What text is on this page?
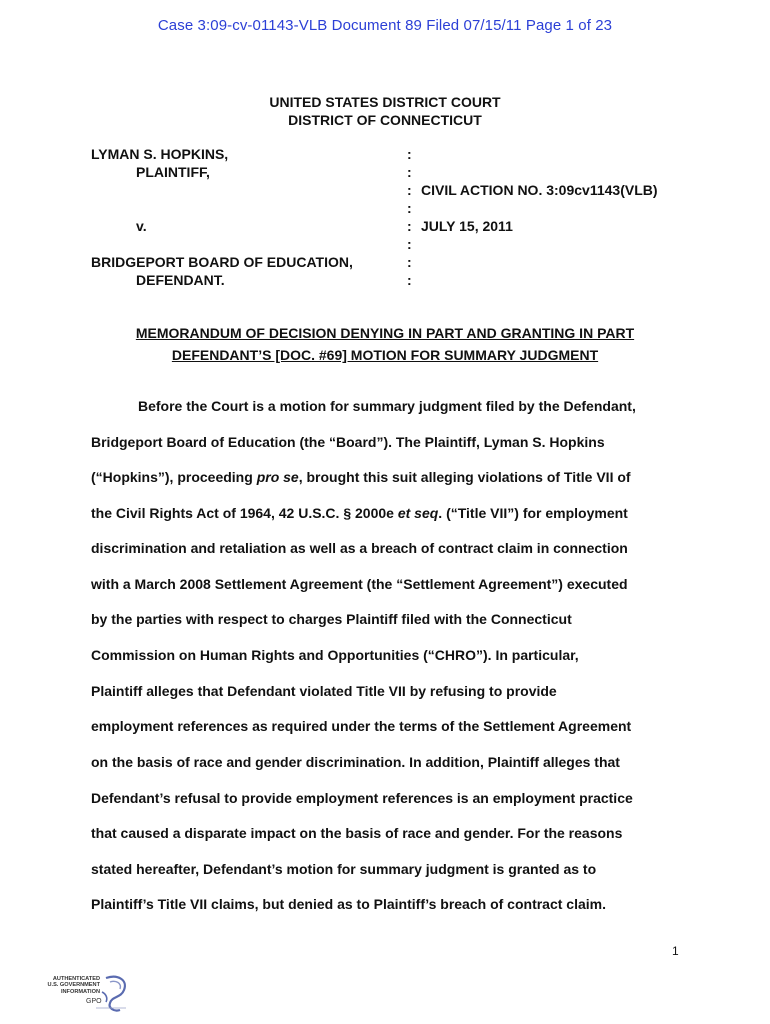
Case 3:09-cv-01143-VLB Document 89 Filed 07/15/11 Page 1 of 23
UNITED STATES DISTRICT COURT
DISTRICT OF CONNECTICUT
LYMAN S. HOPKINS,
PLAINTIFF,
v.
BRIDGEPORT BOARD OF EDUCATION,
DEFENDANT.
:
:
:
:
:
:
:
:
CIVIL ACTION NO. 3:09cv1143(VLB)
JULY 15, 2011
MEMORANDUM OF DECISION DENYING IN PART AND GRANTING IN PART
DEFENDANT’S [DOC. #69] MOTION FOR SUMMARY JUDGMENT
Before the Court is a motion for summary judgment filed by the Defendant,
Bridgeport Board of Education (the “Board”). The Plaintiff, Lyman S. Hopkins
(“Hopkins”), proceeding pro se, brought this suit alleging violations of Title VII of
the Civil Rights Act of 1964, 42 U.S.C. § 2000e et seq. (“Title VII”) for employment
discrimination and retaliation as well as a breach of contract claim in connection
with a March 2008 Settlement Agreement (the “Settlement Agreement”) executed
by the parties with respect to charges Plaintiff filed with the Connecticut
Commission on Human Rights and Opportunities (“CHRO”). In particular,
Plaintiff alleges that Defendant violated Title VII by refusing to provide
employment references as required under the terms of the Settlement Agreement
on the basis of race and gender discrimination. In addition, Plaintiff alleges that
Defendant’s refusal to provide employment references is an employment practice
that caused a disparate impact on the basis of race and gender. For the reasons
stated hereafter, Defendant’s motion for summary judgment is granted as to
Plaintiff’s Title VII claims, but denied as to Plaintiff’s breach of contract claim.
1
AUTHENTICATED
U.S. GOVERNMENT
INFORMATION
GPO
